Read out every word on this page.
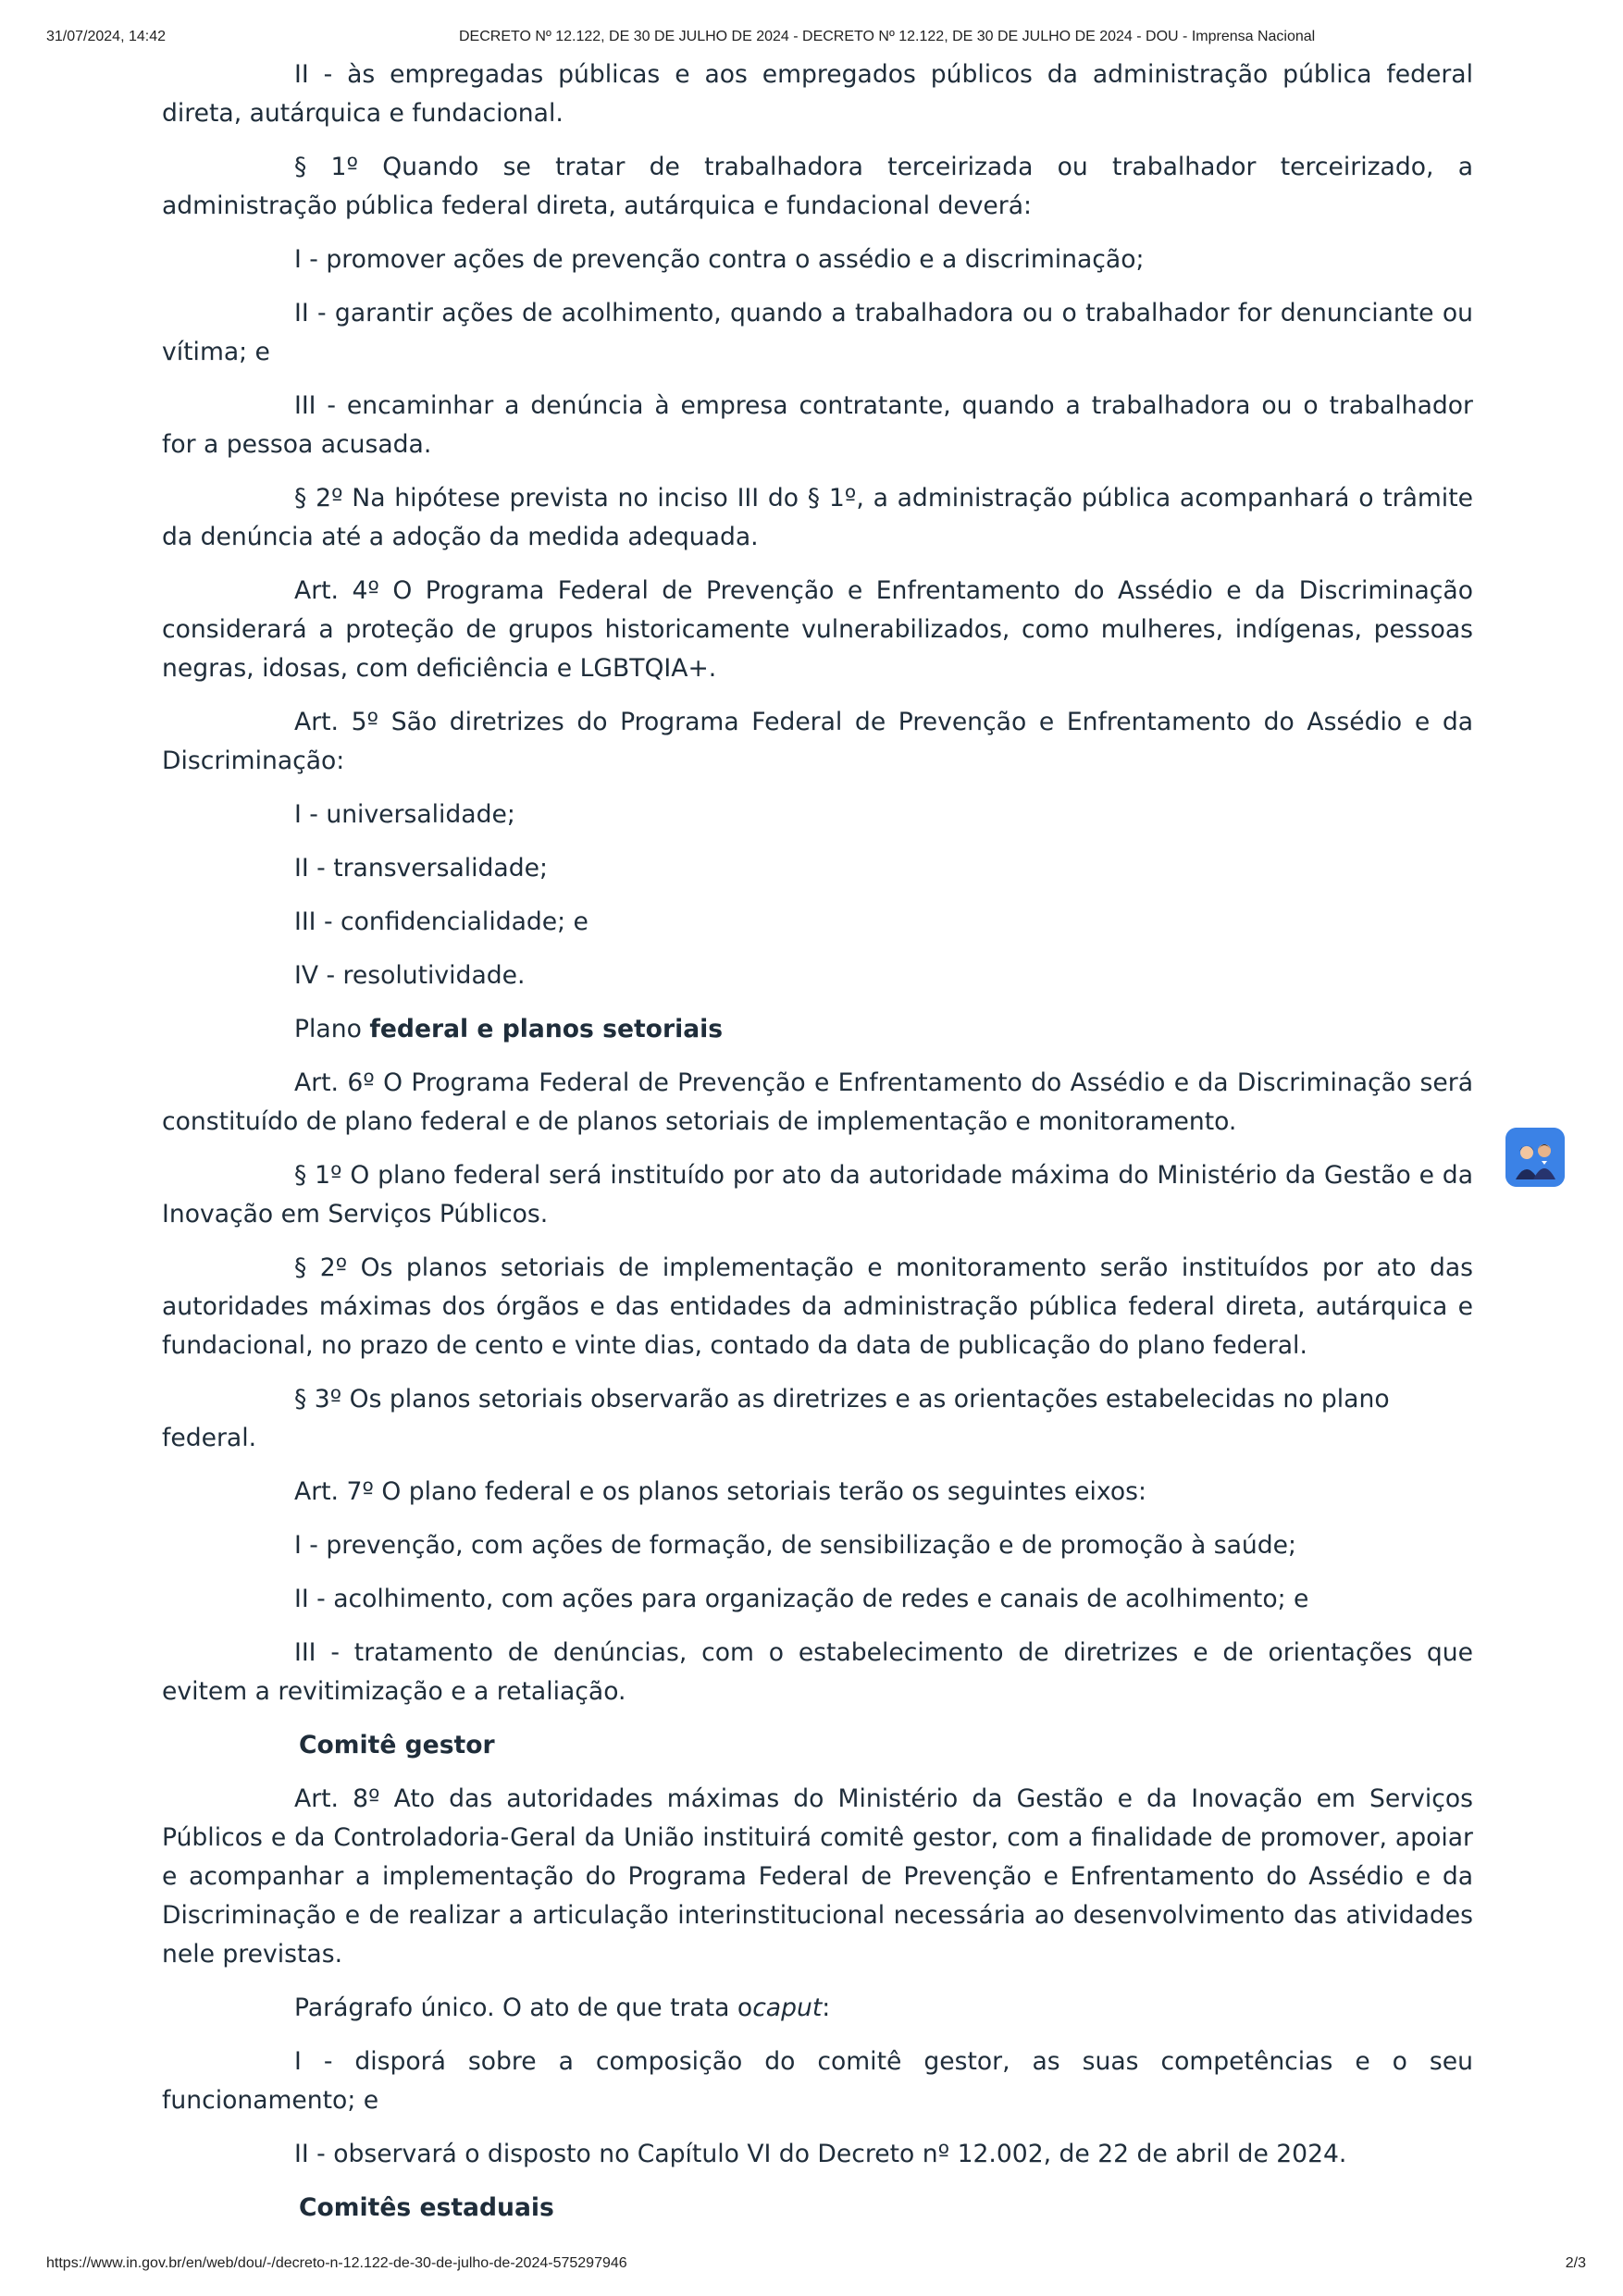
31/07/2024, 14:42	DECRETO Nº 12.122, DE 30 DE JULHO DE 2024 - DECRETO Nº 12.122, DE 30 DE JULHO DE 2024 - DOU - Imprensa Nacional

II - às empregadas públicas e aos empregados públicos da administração pública federal direta, autárquica e fundacional.

§ 1º Quando se tratar de trabalhadora terceirizada ou trabalhador terceirizado, a administração pública federal direta, autárquica e fundacional deverá:

I - promover ações de prevenção contra o assédio e a discriminação;

II - garantir ações de acolhimento, quando a trabalhadora ou o trabalhador for denunciante ou vítima; e

III - encaminhar a denúncia à empresa contratante, quando a trabalhadora ou o trabalhador for a pessoa acusada.

§ 2º Na hipótese prevista no inciso III do § 1º, a administração pública acompanhará o trâmite da denúncia até a adoção da medida adequada.

Art. 4º O Programa Federal de Prevenção e Enfrentamento do Assédio e da Discriminação considerará a proteção de grupos historicamente vulnerabilizados, como mulheres, indígenas, pessoas negras, idosas, com deficiência e LGBTQIA+.

Art. 5º São diretrizes do Programa Federal de Prevenção e Enfrentamento do Assédio e da Discriminação:

I - universalidade;

II - transversalidade;

III - confidencialidade; e

IV - resolutividade.

Plano federal e planos setoriais

Art. 6º O Programa Federal de Prevenção e Enfrentamento do Assédio e da Discriminação será constituído de plano federal e de planos setoriais de implementação e monitoramento.

§ 1º O plano federal será instituído por ato da autoridade máxima do Ministério da Gestão e da Inovação em Serviços Públicos.

§ 2º Os planos setoriais de implementação e monitoramento serão instituídos por ato das autoridades máximas dos órgãos e das entidades da administração pública federal direta, autárquica e fundacional, no prazo de cento e vinte dias, contado da data de publicação do plano federal.

§ 3º Os planos setoriais observarão as diretrizes e as orientações estabelecidas no plano federal.

Art. 7º O plano federal e os planos setoriais terão os seguintes eixos:

I - prevenção, com ações de formação, de sensibilização e de promoção à saúde;

II - acolhimento, com ações para organização de redes e canais de acolhimento; e

III - tratamento de denúncias, com o estabelecimento de diretrizes e de orientações que evitem a revitimização e a retaliação.

Comitê gestor

Art. 8º Ato das autoridades máximas do Ministério da Gestão e da Inovação em Serviços Públicos e da Controladoria-Geral da União instituirá comitê gestor, com a finalidade de promover, apoiar e acompanhar a implementação do Programa Federal de Prevenção e Enfrentamento do Assédio e da Discriminação e de realizar a articulação interinstitucional necessária ao desenvolvimento das atividades nele previstas.

Parágrafo único. O ato de que trata ocaput:

I - disporá sobre a composição do comitê gestor, as suas competências e o seu funcionamento; e

II - observará o disposto no Capítulo VI do Decreto nº 12.002, de 22 de abril de 2024.

Comitês estaduais

https://www.in.gov.br/en/web/dou/-/decreto-n-12.122-de-30-de-julho-de-2024-575297946	2/3
